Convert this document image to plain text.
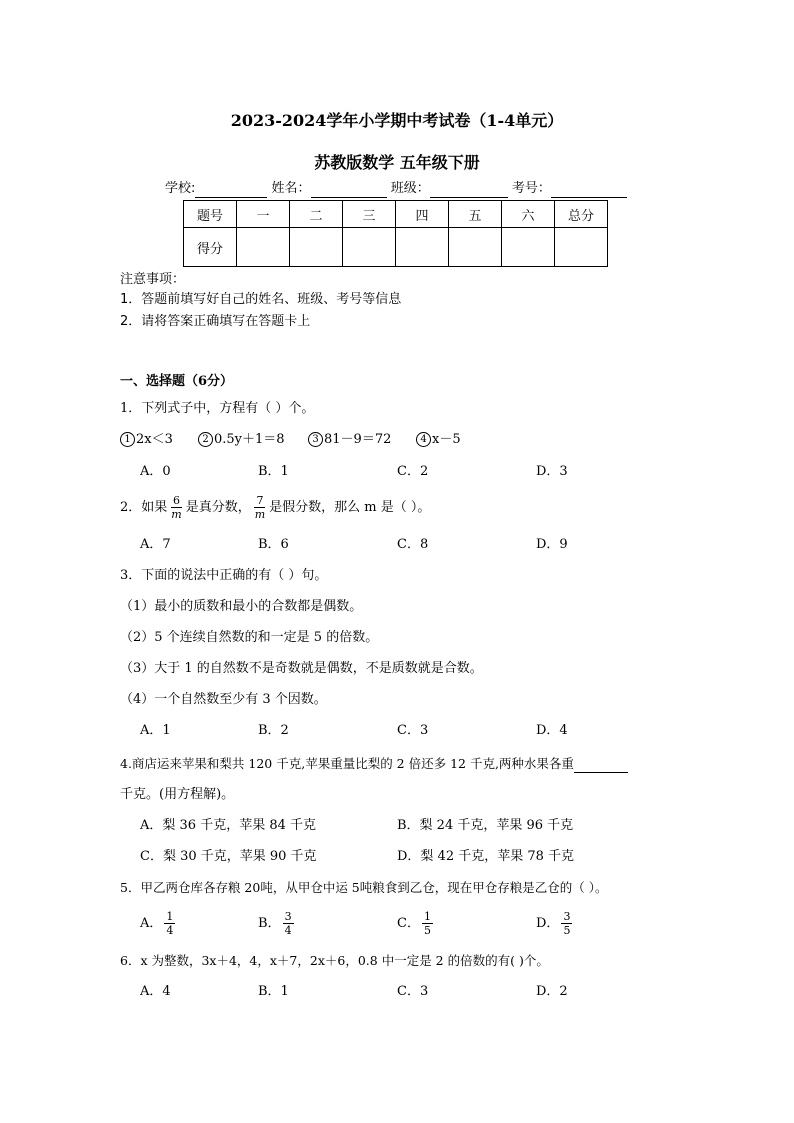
2023-2024学年小学期中考试卷（1-4单元）
苏教版数学 五年级下册
学校:	姓名：	班级：	考号：
题号	一	二	三	四	五	六	总分
得分							
注意事项：
1．答题前填写好自己的姓名、班级、考号等信息
2．请将答案正确填写在答题卡上
一、选择题（6分）
1．下列式子中，方程有（ ）个。
1 2x＜3	2 0.5y＋1＝8	3 81－9＝72	4 x－5
A．0	B．1	C．2	D．3
2．如果 $\frac{6}{m}$ 是真分数， $\frac{7}{m}$ 是假分数，那么 m 是（ ）。
A．7	B．6	C．8	D．9
3．下面的说法中正确的有（ ）句。
（1）最小的质数和最小的合数都是偶数。
（2）5 个连续自然数的和一定是 5 的倍数。
（3）大于 1 的自然数不是奇数就是偶数，不是质数就是合数。
（4）一个自然数至少有 3 个因数。
A．1	B．2	C．3	D．4
4.商店运来苹果和梨共 120 千克,苹果重量比梨的 2 倍还多 12 千克,两种水果各重
千克。(用方程解)。
A．梨 36 千克，苹果 84 千克	B．梨 24 千克，苹果 96 千克
C．梨 30 千克，苹果 90 千克	D．梨 42 千克，苹果 78 千克
5．甲乙两仓库各存粮 20吨，从甲仓中运 5吨粮食到乙仓，现在甲仓存粮是乙仓的（ ）。
A． $\frac{1}{4}$	B． $\frac{3}{4}$	C． $\frac{1}{5}$	D． $\frac{3}{5}$
6．x 为整数，3x＋4，4，x＋7，2x＋6，0.8 中一定是 2 的倍数的有( )个。
A．4	B．1	C．3	D．2
